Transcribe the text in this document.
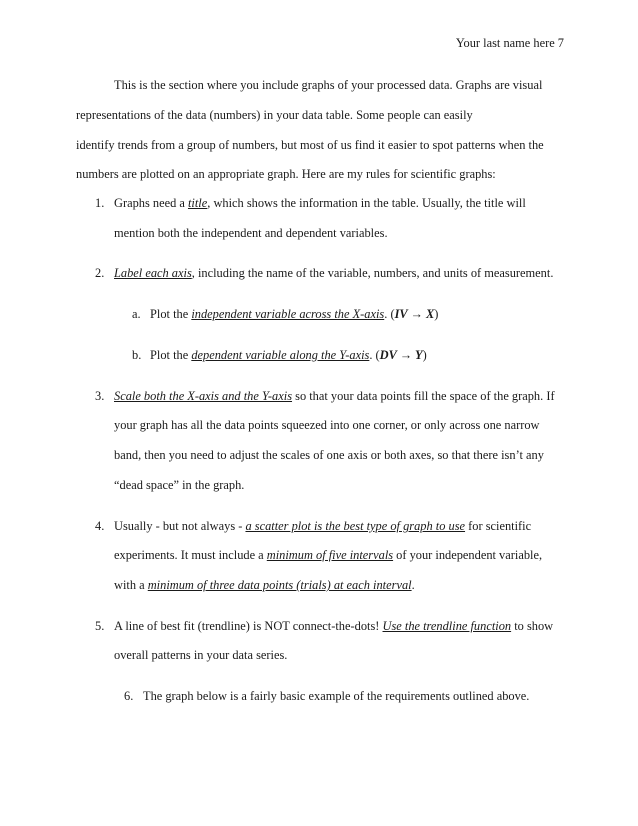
Your last name here 7
This is the section where you include graphs of your processed data. Graphs are visual
representations of the data (numbers) in your data table. Some people can easily
identify trends from a group of numbers, but most of us find it easier to spot patterns when the
numbers are plotted on an appropriate graph. Here are my rules for scientific graphs:
1. Graphs need a title, which shows the information in the table. Usually, the title will
mention both the independent and dependent variables.
2. Label each axis, including the name of the variable, numbers, and units of measurement.
a. Plot the independent variable across the X-axis. (IV → X)
b. Plot the dependent variable along the Y-axis. (DV → Y)
3. Scale both the X-axis and the Y-axis so that your data points fill the space of the graph. If
your graph has all the data points squeezed into one corner, or only across one narrow
band, then you need to adjust the scales of one axis or both axes, so that there isn’t any
“dead space” in the graph.
4. Usually - but not always - a scatter plot is the best type of graph to use for scientific
experiments. It must include a minimum of five intervals of your independent variable,
with a minimum of three data points (trials) at each interval.
5. A line of best fit (trendline) is NOT connect-the-dots! Use the trendline function to show
overall patterns in your data series.
6. The graph below is a fairly basic example of the requirements outlined above.
